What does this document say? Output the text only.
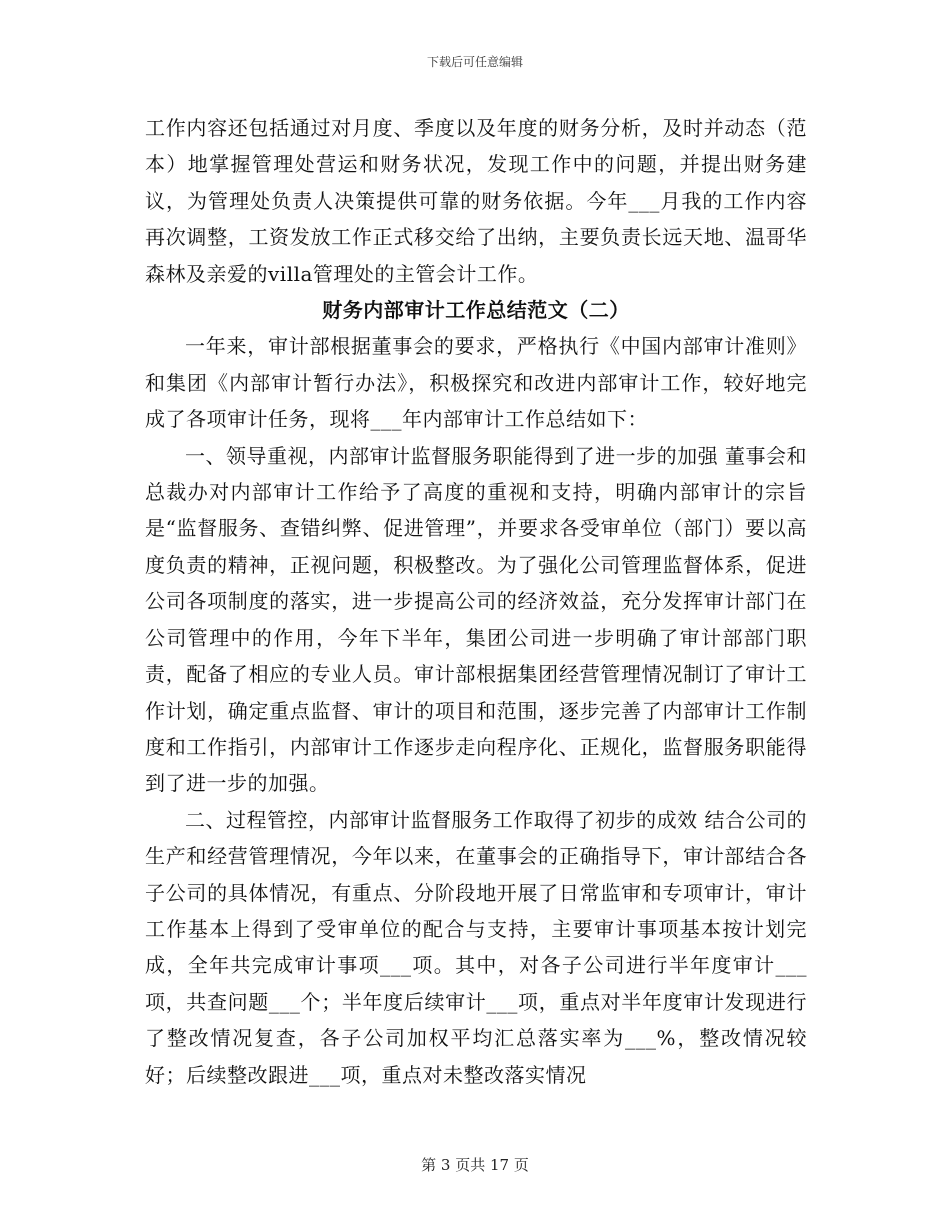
下载后可任意编辑

工作内容还包括通过对月度、季度以及年度的财务分析，及时并动态（范本）地掌握管理处营运和财务状况，发现工作中的问题，并提出财务建议，为管理处负责人决策提供可靠的财务依据。今年___月我的工作内容再次调整，工资发放工作正式移交给了出纳，主要负责长远天地、温哥华森林及亲爱的villa管理处的主管会计工作。

财务内部审计工作总结范文（二）

一年来，审计部根据董事会的要求，严格执行《中国内部审计准则》和集团《内部审计暂行办法》，积极探究和改进内部审计工作，较好地完成了各项审计任务，现将___年内部审计工作总结如下：

一、领导重视，内部审计监督服务职能得到了进一步的加强 董事会和总裁办对内部审计工作给予了高度的重视和支持，明确内部审计的宗旨是“监督服务、查错纠弊、促进管理”，并要求各受审单位（部门）要以高度负责的精神，正视问题，积极整改。为了强化公司管理监督体系，促进公司各项制度的落实，进一步提高公司的经济效益，充分发挥审计部门在公司管理中的作用，今年下半年，集团公司进一步明确了审计部部门职责，配备了相应的专业人员。审计部根据集团经营管理情况制订了审计工作计划，确定重点监督、审计的项目和范围，逐步完善了内部审计工作制度和工作指引，内部审计工作逐步走向程序化、正规化，监督服务职能得到了进一步的加强。

二、过程管控，内部审计监督服务工作取得了初步的成效 结合公司的生产和经营管理情况，今年以来，在董事会的正确指导下，审计部结合各子公司的具体情况，有重点、分阶段地开展了日常监审和专项审计，审计工作基本上得到了受审单位的配合与支持，主要审计事项基本按计划完成，全年共完成审计事项___项。其中，对各子公司进行半年度审计___项，共查问题___个；半年度后续审计___项，重点对半年度审计发现进行了整改情况复查，各子公司加权平均汇总落实率为___%，整改情况较好；后续整改跟进___项，重点对未整改落实情况

第 3 页共 17 页
